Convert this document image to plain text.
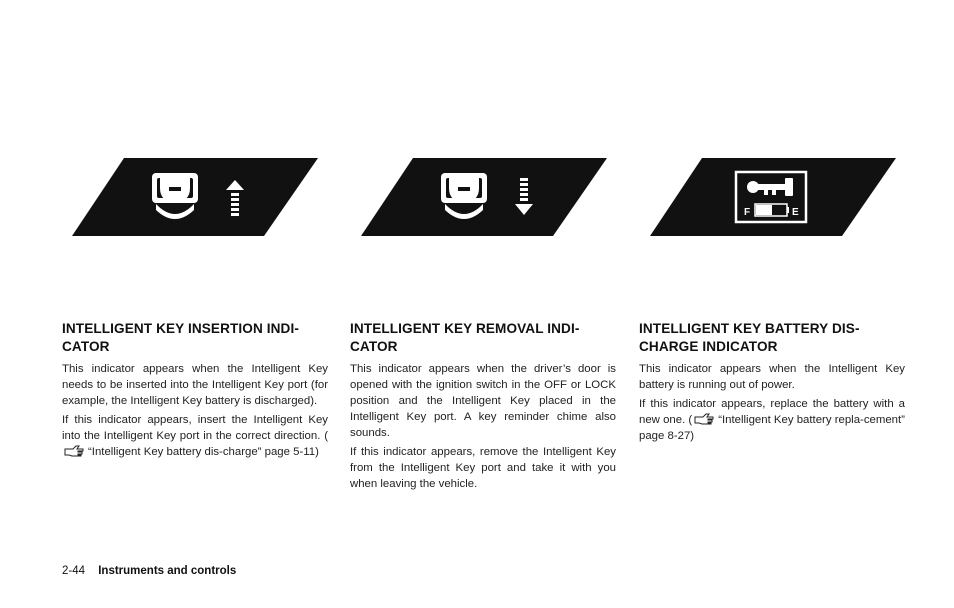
F	E
INTELLIGENT KEY INSERTION INDI-CATOR

This indicator appears when the Intelligent Key needs to be inserted into the Intelligent Key port (for example, the Intelligent Key battery is discharged).

If this indicator appears, insert the Intelligent Key into the Intelligent Key port in the correct direction. (
“Intelligent Key battery dis-charge” page 5-11)

INTELLIGENT KEY REMOVAL INDI-CATOR

This indicator appears when the driver’s door is opened with the ignition switch in the OFF or LOCK position and the Intelligent Key placed in the Intelligent Key port. A key reminder chime also sounds.

If this indicator appears, remove the Intelligent Key from the Intelligent Key port and take it with you when leaving the vehicle.

INTELLIGENT KEY BATTERY DIS-CHARGE INDICATOR

This indicator appears when the Intelligent Key battery is running out of power.

If this indicator appears, replace the battery with a new one. ( “Intelligent Key battery repla-cement” page 8-27)

2-44 Instruments and controls
